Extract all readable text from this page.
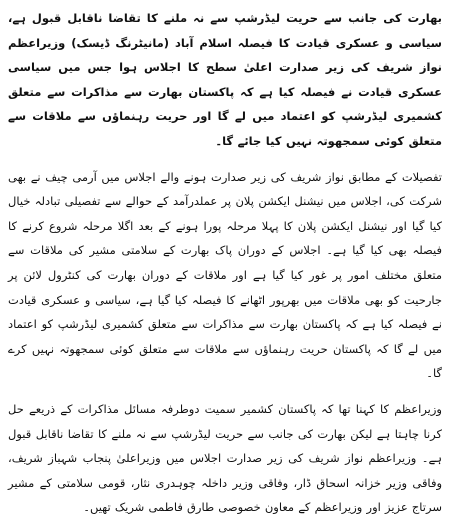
بھارت کی جانب سے حریت لیڈرشپ سے نہ ملنے کا تقاضا ناقابل قبول ہے، سیاسی و عسکری قیادت کا فیصلہ اسلام آباد (مانیٹرنگ ڈیسک) وزیراعظم نواز شریف کی زیر صدارت اعلیٰ سطح کا اجلاس ہوا جس میں سیاسی عسکری قیادت نے فیصلہ کیا ہے کہ پاکستان بھارت سے مذاکرات سے متعلق کشمیری لیڈرشپ کو اعتماد میں لے گا اور حریت رہنماؤں سے ملاقات سے متعلق کوئی سمجھوتہ نہیں کیا جائے گا۔

تفصیلات کے مطابق نواز شریف کی زیر صدارت ہونے والے اجلاس میں آرمی چیف نے بھی شرکت کی، اجلاس میں نیشنل ایکشن پلان پر عملدرآمد کے حوالے سے تفصیلی تبادلہ خیال کیا گیا اور نیشنل ایکشن پلان کا پہلا مرحلہ پورا ہونے کے بعد اگلا مرحلہ شروع کرنے کا فیصلہ بھی کیا گیا ہے۔ اجلاس کے دوران پاک بھارت کے سلامتی مشیر کی ملاقات سے متعلق مختلف امور پر غور کیا گیا ہے اور ملاقات کے دوران بھارت کی کنٹرول لائن پر جارحیت کو بھی ملاقات میں بھرپور اٹھانے کا فیصلہ کیا گیا ہے، سیاسی و عسکری قیادت نے فیصلہ کیا ہے کہ پاکستان بھارت سے مذاکرات سے متعلق کشمیری لیڈرشپ کو اعتماد میں لے گا کہ پاکستان حریت رہنماؤں سے ملاقات سے متعلق کوئی سمجھوتہ نہیں کرے گا۔

وزیراعظم کا کہنا تھا کہ پاکستان کشمیر سمیت دوطرفہ مسائل مذاکرات کے ذریعے حل کرنا چاہتا ہے لیکن بھارت کی جانب سے حریت لیڈرشپ سے نہ ملنے کا تقاضا ناقابل قبول ہے۔ وزیراعظم نواز شریف کی زیر صدارت اجلاس میں وزیراعلیٰ پنجاب شہباز شریف، وفاقی وزیر خزانہ اسحاق ڈار، وفاقی وزیر داخلہ چوہدری نثار، قومی سلامتی کے مشیر سرتاج عزیز اور وزیراعظم کے معاون خصوصی طارق فاطمی شریک تھیں۔
